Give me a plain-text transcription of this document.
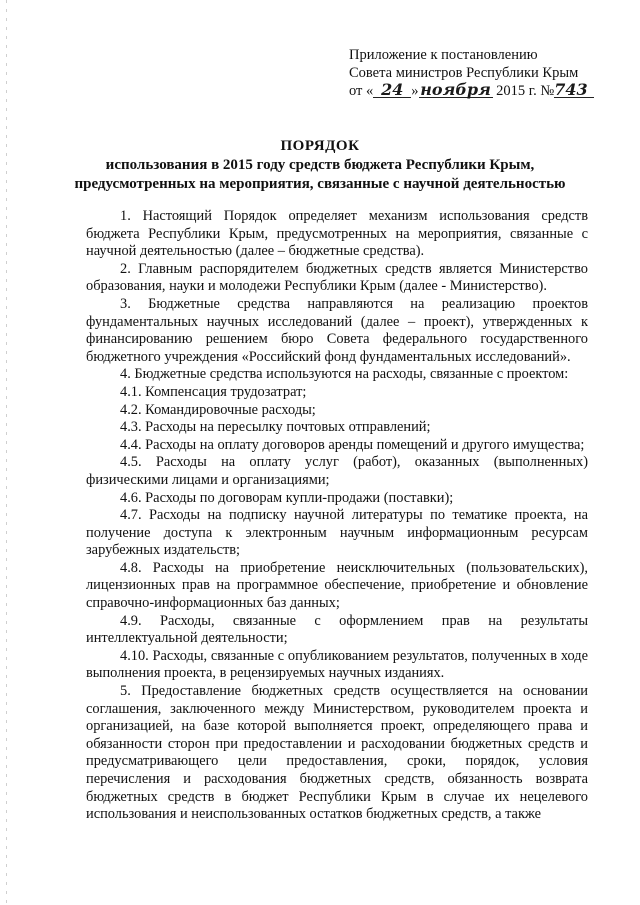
Приложение к постановлению
Совета министров Республики Крым
от « 24 » ноября 2015 г. №743
ПОРЯДОК
использования в 2015 году средств бюджета Республики Крым,
предусмотренных на мероприятия, связанные с научной деятельностью

1. Настоящий Порядок определяет механизм использования средств бюджета Республики Крым, предусмотренных на мероприятия, связанные с научной деятельностью (далее – бюджетные средства).

2. Главным распорядителем бюджетных средств является Министерство образования, науки и молодежи Республики Крым (далее - Министерство).

3. Бюджетные средства направляются на реализацию проектов фундаментальных научных исследований (далее – проект), утвержденных к финансированию решением бюро Совета федерального государственного бюджетного учреждения «Российский фонд фундаментальных исследований».

4. Бюджетные средства используются на расходы, связанные с проектом:

4.1. Компенсация трудозатрат;

4.2. Командировочные расходы;

4.3. Расходы на пересылку почтовых отправлений;

4.4. Расходы на оплату договоров аренды помещений и другого имущества;

4.5. Расходы на оплату услуг (работ), оказанных (выполненных) физическими лицами и организациями;

4.6. Расходы по договорам купли-продажи (поставки);

4.7. Расходы на подписку научной литературы по тематике проекта, на получение доступа к электронным научным информационным ресурсам зарубежных издательств;

4.8. Расходы на приобретение неисключительных (пользовательских), лицензионных прав на программное обеспечение, приобретение и обновление справочно-информационных баз данных;

4.9. Расходы, связанные с оформлением прав на результаты интеллектуальной деятельности;

4.10. Расходы, связанные с опубликованием результатов, полученных в ходе выполнения проекта, в рецензируемых научных изданиях.

5. Предоставление бюджетных средств осуществляется на основании соглашения, заключенного между Министерством, руководителем проекта и организацией, на базе которой выполняется проект, определяющего права и обязанности сторон при предоставлении и расходовании бюджетных средств и предусматривающего цели предоставления, сроки, порядок, условия перечисления и расходования бюджетных средств, обязанность возврата бюджетных средств в бюджет Республики Крым в случае их нецелевого использования и неиспользованных остатков бюджетных средств, а также
